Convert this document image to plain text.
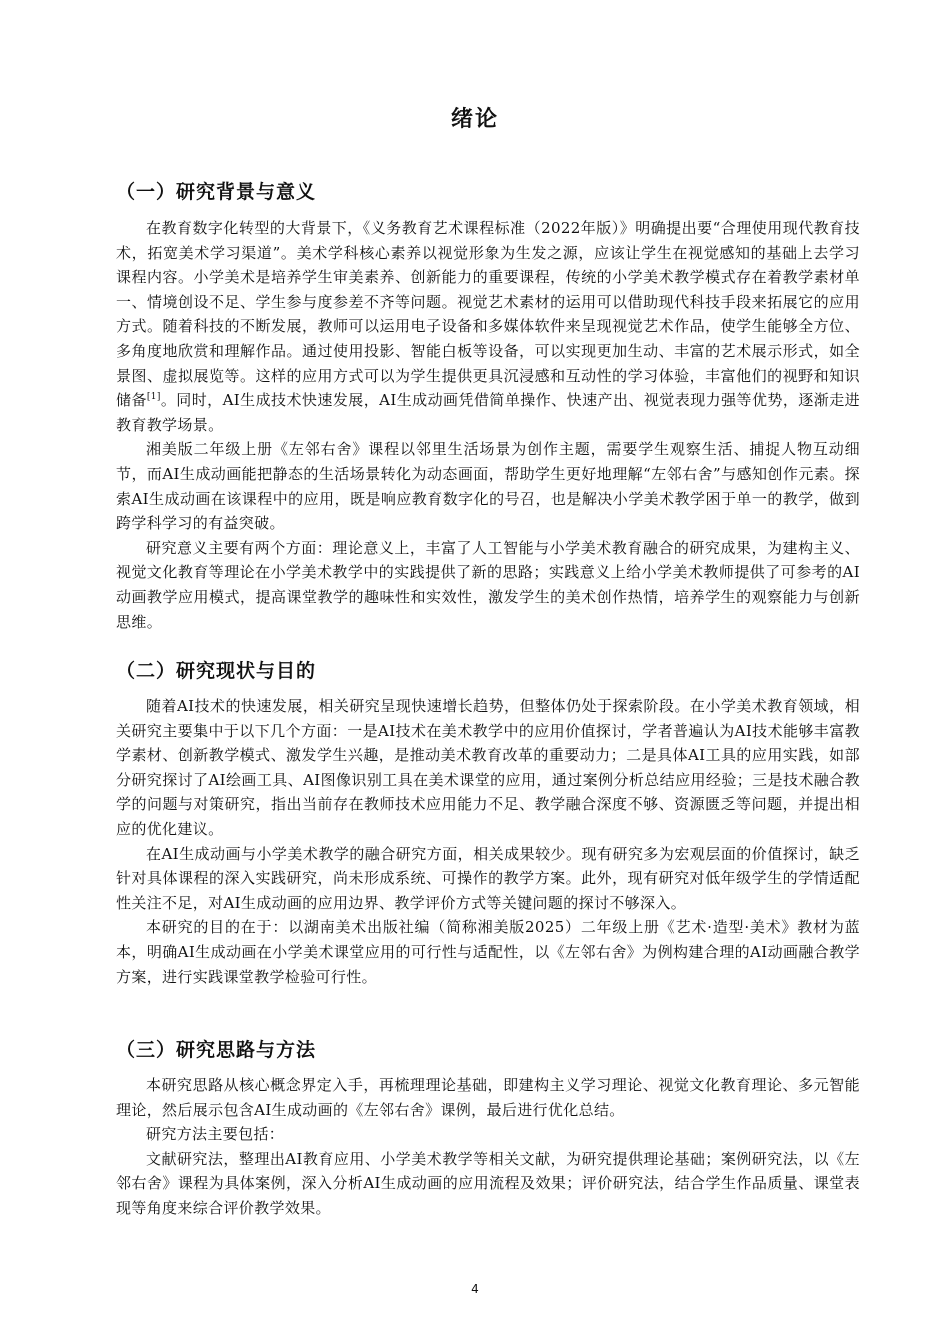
绪论
（一）研究背景与意义

在教育数字化转型的大背景下，《义务教育艺术课程标准（2022年版）》明确提出要“合理使用现代教育技术，拓宽美术学习渠道”。美术学科核心素养以视觉形象为生发之源，应该让学生在视觉感知的基础上去学习课程内容。小学美术是培养学生审美素养、创新能力的重要课程，传统的小学美术教学模式存在着教学素材单一、情境创设不足、学生参与度参差不齐等问题。视觉艺术素材的运用可以借助现代科技手段来拓展它的应用方式。随着科技的不断发展，教师可以运用电子设备和多媒体软件来呈现视觉艺术作品，使学生能够全方位、多角度地欣赏和理解作品。通过使用投影、智能白板等设备，可以实现更加生动、丰富的艺术展示形式，如全景图、虚拟展览等。这样的应用方式可以为学生提供更具沉浸感和互动性的学习体验，丰富他们的视野和知识储备[1]。同时，AI生成技术快速发展，AI生成动画凭借简单操作、快速产出、视觉表现力强等优势，逐渐走进教育教学场景。

湘美版二年级上册《左邻右舍》课程以邻里生活场景为创作主题，需要学生观察生活、捕捉人物互动细节，而AI生成动画能把静态的生活场景转化为动态画面，帮助学生更好地理解“左邻右舍”与感知创作元素。探索AI生成动画在该课程中的应用，既是响应教育数字化的号召，也是解决小学美术教学困于单一的教学，做到跨学科学习的有益突破。

研究意义主要有两个方面：理论意义上，丰富了人工智能与小学美术教育融合的研究成果，为建构主义、视觉文化教育等理论在小学美术教学中的实践提供了新的思路；实践意义上给小学美术教师提供了可参考的AI动画教学应用模式，提高课堂教学的趣味性和实效性，激发学生的美术创作热情，培养学生的观察能力与创新思维。

（二）研究现状与目的

随着AI技术的快速发展，相关研究呈现快速增长趋势，但整体仍处于探索阶段。在小学美术教育领域，相关研究主要集中于以下几个方面：一是AI技术在美术教学中的应用价值探讨，学者普遍认为AI技术能够丰富教学素材、创新教学模式、激发学生兴趣，是推动美术教育改革的重要动力；二是具体AI工具的应用实践，如部分研究探讨了AI绘画工具、AI图像识别工具在美术课堂的应用，通过案例分析总结应用经验；三是技术融合教学的问题与对策研究，指出当前存在教师技术应用能力不足、教学融合深度不够、资源匮乏等问题，并提出相应的优化建议。

在AI生成动画与小学美术教学的融合研究方面，相关成果较少。现有研究多为宏观层面的价值探讨，缺乏针对具体课程的深入实践研究，尚未形成系统、可操作的教学方案。此外，现有研究对低年级学生的学情适配性关注不足，对AI生成动画的应用边界、教学评价方式等关键问题的探讨不够深入。

本研究的目的在于：以湖南美术出版社编（简称湘美版2025）二年级上册《艺术·造型·美术》教材为蓝本，明确AI生成动画在小学美术课堂应用的可行性与适配性，以《左邻右舍》为例构建合理的AI动画融合教学方案，进行实践课堂教学检验可行性。

（三）研究思路与方法

本研究思路从核心概念界定入手，再梳理理论基础，即建构主义学习理论、视觉文化教育理论、多元智能理论，然后展示包含AI生成动画的《左邻右舍》课例，最后进行优化总结。

研究方法主要包括：

文献研究法，整理出AI教育应用、小学美术教学等相关文献，为研究提供理论基础；案例研究法，以《左邻右舍》课程为具体案例，深入分析AI生成动画的应用流程及效果；评价研究法，结合学生作品质量、课堂表现等角度来综合评价教学效果。

4
